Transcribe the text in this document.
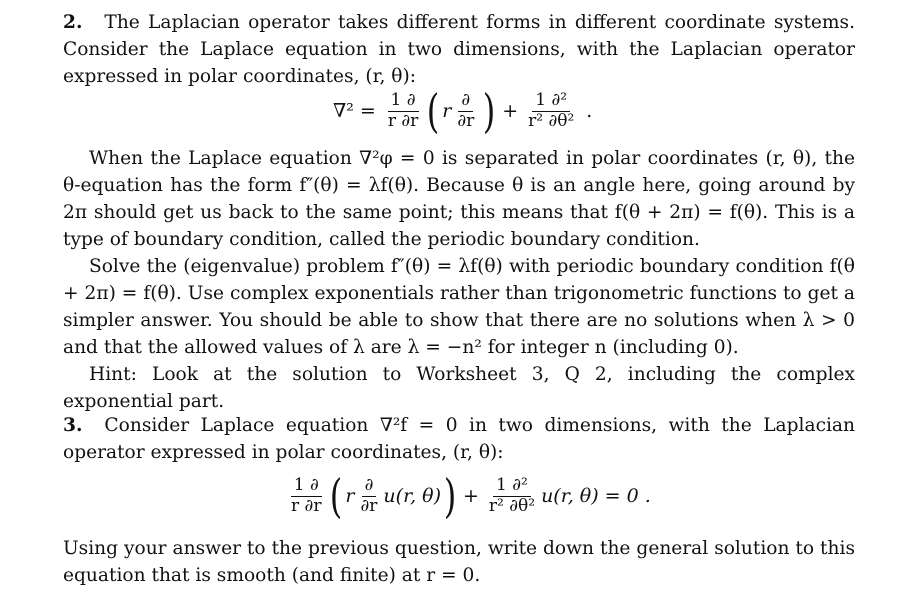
2. The Laplacian operator takes different forms in different coordinate systems. Consider the Laplace equation in two dimensions, with the Laplacian operator expressed in polar coordinates, (r, θ):

$\nabla^2 = \frac{1 \partial}{r \partial r}$ ( r $\frac{\partial}{\partial r}$ ) + $\frac{\text{1 ∂²}}{\text{r² ∂θ²}}$ .

When the Laplace equation ∇²φ = 0 is separated in polar coordinates (r, θ), the θ-equation has the form f″(θ) = λf(θ). Because θ is an angle here, going around by 2π should get us back to the same point; this means that f(θ + 2π) = f(θ). This is a type of boundary condition, called the periodic boundary condition.

Solve the (eigenvalue) problem f″(θ) = λf(θ) with periodic boundary condition f(θ + 2π) = f(θ). Use complex exponentials rather than trigonometric functions to get a simpler answer. You should be able to show that there are no solutions when λ > 0 and that the allowed values of λ are λ = −n² for integer n (including 0).

Hint: Look at the solution to Worksheet 3, Q 2, including the complex exponential part.

3. Consider Laplace equation ∇²f = 0 in two dimensions, with the Laplacian operator expressed in polar coordinates, (r, θ):

$\frac{1 \partial}{r \partial r}$ ( r $\frac{\partial}{\partial r} u(r$, θ) ) + $\frac{\text{1 ∂²}}{\text{r² ∂θ²}} u(r$, θ) = 0 .

Using your answer to the previous question, write down the general solution to this equation that is smooth (and finite) at r = 0.
